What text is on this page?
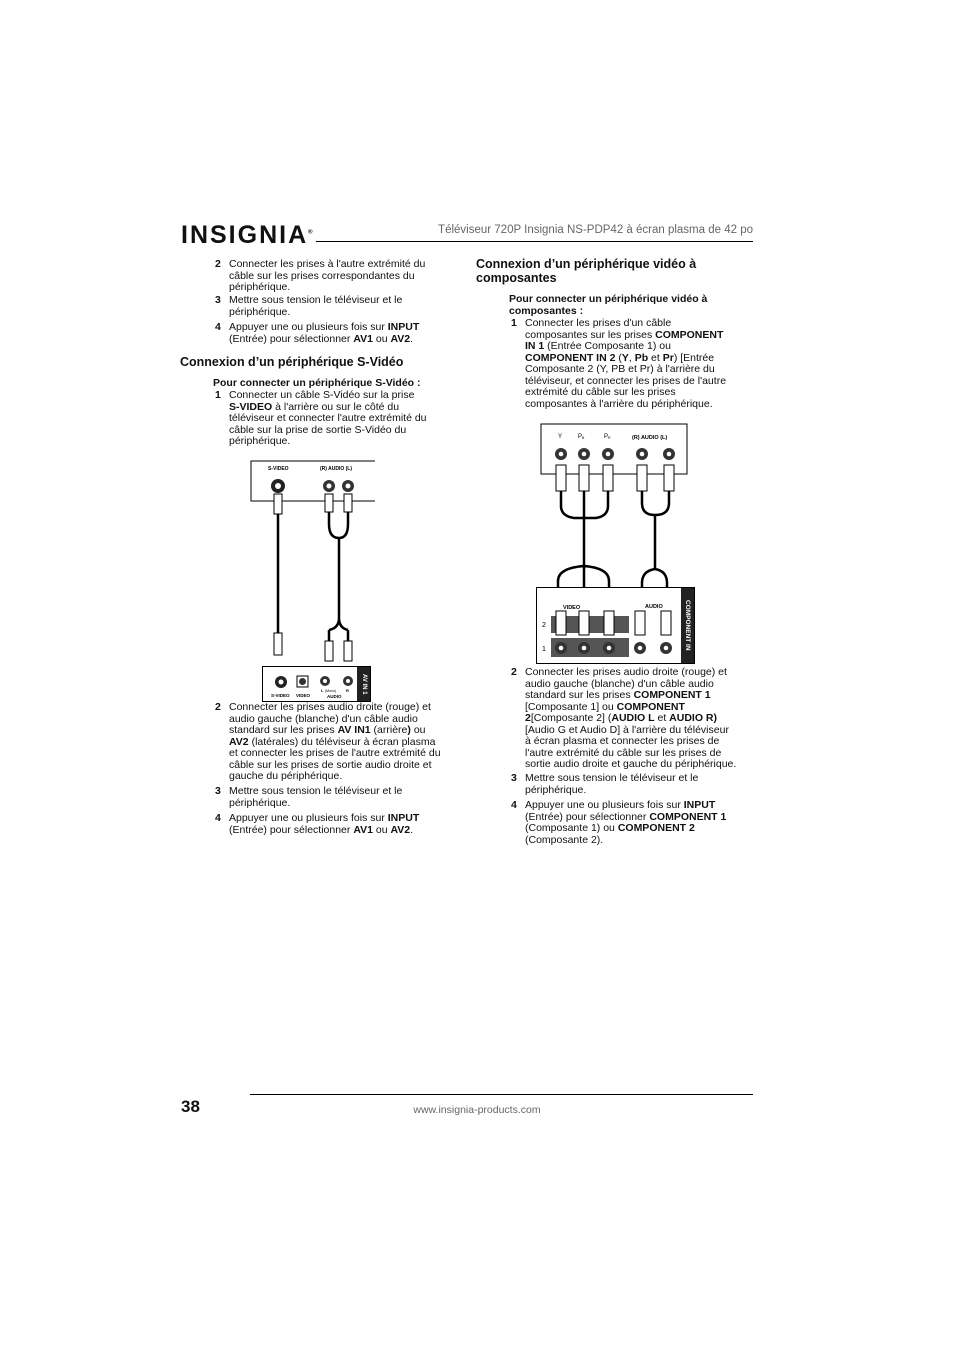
INSIGNIA®	Téléviseur 720P Insignia NS-PDP42 à écran plasma de 42 po
2 Connecter les prises à l'autre extrémité du
câble sur les prises correspondantes du
périphérique.
3 Mettre sous tension le téléviseur et le
périphérique.
4 Appuyer une ou plusieurs fois sur INPUT
(Entrée) pour sélectionner AV1 ou AV2.
Connexion d’un périphérique S-Vidéo
Pour connecter un périphérique S-Vidéo :
1 Connecter un câble S-Vidéo sur la prise
S-VIDEO à l'arrière ou sur le côté du
téléviseur et connecter l'autre extrémité du
câble sur la prise de sortie S-Vidéo du
périphérique.
S-VIDEO	(R) AUDIO (L)
S-VIDEO VIDEO
L (Mono) R
AUDIO
AV IN 1
2 Connecter les prises audio droite (rouge) et
audio gauche (blanche) d'un câble audio
standard sur les prises AV IN1 (arrière) ou
AV2 (latérales) du téléviseur à écran plasma
et connecter les prises de l'autre extrémité du
câble sur les prises de sortie audio droite et
gauche du périphérique.
3 Mettre sous tension le téléviseur et le
périphérique.
4 Appuyer une ou plusieurs fois sur INPUT
(Entrée) pour sélectionner AV1 ou AV2.
Connexion d’un périphérique vidéo à
composantes
Pour connecter un périphérique vidéo à
composantes :
1 Connecter les prises d'un câble
composantes sur les prises COMPONENT
IN 1 (Entrée Composante 1) ou
COMPONENT IN 2 (Y, Pb et Pr) [Entrée
Composante 2 (Y, PB et Pr) à l'arrière du
téléviseur, et connecter les prises de l'autre
extrémité du câble sur les prises
composantes à l'arrière du périphérique.
Y	P B	P R	(R) AUDIO (L)
VIDEO	AUDIO
2
1	COMPONENT IN
2 Connecter les prises audio droite (rouge) et
audio gauche (blanche) d'un câble audio
standard sur les prises COMPONENT 1
[Composante 1] ou COMPONENT
2[Composante 2] (AUDIO L et AUDIO R)
[Audio G et Audio D] à l'arrière du téléviseur
à écran plasma et connecter les prises de
l'autre extrémité du câble sur les prises de
sortie audio droite et gauche du périphérique.
3 Mettre sous tension le téléviseur et le
périphérique.
4 Appuyer une ou plusieurs fois sur INPUT
(Entrée) pour sélectionner COMPONENT 1
(Composante 1) ou COMPONENT 2
(Composante 2).
38	www.insignia-products.com
